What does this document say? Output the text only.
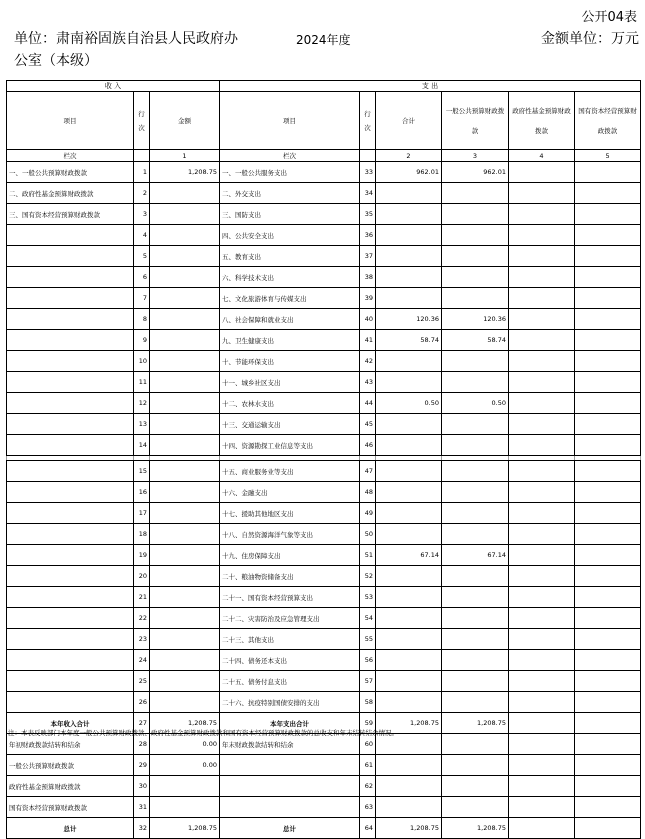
公开04表
单位：肃南裕固族自治县人民政府办	2024年度	金额单位：万元
公室（本级）
收 入			支 出					
项目	行次	金额	项目	行次	合计	一般公共预算财政拨款	政府性基金预算财政拨款	国有资本经营预算财政拨款
栏次		1	栏次		2	3	4	5
一、一般公共预算财政拨款	1	1,208.75	一、一般公共服务支出	33	962.01	962.01		
二、政府性基金预算财政拨款	2		二、外交支出	34				
三、国有资本经营预算财政拨款	3		三、国防支出	35				
	4		四、公共安全支出	36				
	5		五、教育支出	37				
	6		六、科学技术支出	38				
	7		七、文化旅游体育与传媒支出	39				
	8		八、社会保障和就业支出	40	120.36	120.36		
	9		九、卫生健康支出	41	58.74	58.74		
	10		十、节能环保支出	42				
	11		十一、城乡社区支出	43				
	12		十二、农林水支出	44	0.50	0.50		
	13		十三、交通运输支出	45				
	14		十四、资源勘探工业信息等支出	46				

	15		十五、商业服务业等支出	47				
	16		十六、金融支出	48				
	17		十七、援助其他地区支出	49				
	18		十八、自然资源海洋气象等支出	50				
	19		十九、住房保障支出	51	67.14	67.14		
	20		二十、粮油物资储备支出	52				
	21		二十一、国有资本经营预算支出	53				
	22		二十二、灾害防治及应急管理支出	54				
	23		二十三、其他支出	55				
	24		二十四、债务还本支出	56				
	25		二十五、债务付息支出	57				
	26		二十六、抗疫特别国债安排的支出	58				
本年收入合计	27	1,208.75	本年支出合计	59	1,208.75	1,208.75		
年初财政拨款结转和结余	28	0.00	年末财政拨款结转和结余	60				
一般公共预算财政拨款	29	0.00		61				
政府性基金预算财政拨款	30			62				
国有资本经营预算财政拨款	31			63				
总计	32	1,208.75	总计	64	1,208.75	1,208.75		
注：本表反映部门本年度一般公共预算财政拨款、政府性基金预算财政拨款和国有资本经营预算财政拨款的总收支和年末结转结余情况。
